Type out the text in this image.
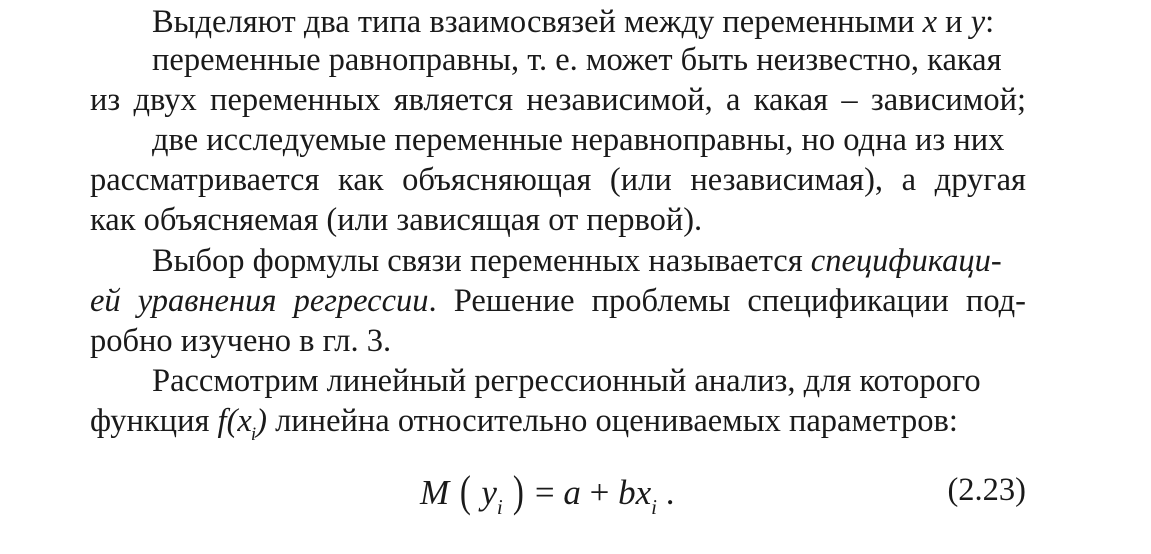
Выделяют два типа взаимосвязей между переменными x и y:
переменные равноправны, т. е. может быть неизвестно, какая
из двух переменных является независимой, а какая – зависимой;
две исследуемые переменные неравноправны, но одна из них
рассматривается как объясняющая (или независимая), а другая
как объясняемая (или зависящая от первой).
Выбор формулы связи переменных называется спецификаци-
ей уравнения регрессии. Решение проблемы спецификации под-
робно изучено в гл. 3.
Рассмотрим линейный регрессионный анализ, для которого
функция $f(x_i)$ линейна относительно оцениваемых параметров:
M ( $y_i$ ) = $a + bx_i$ .	(2.23)
